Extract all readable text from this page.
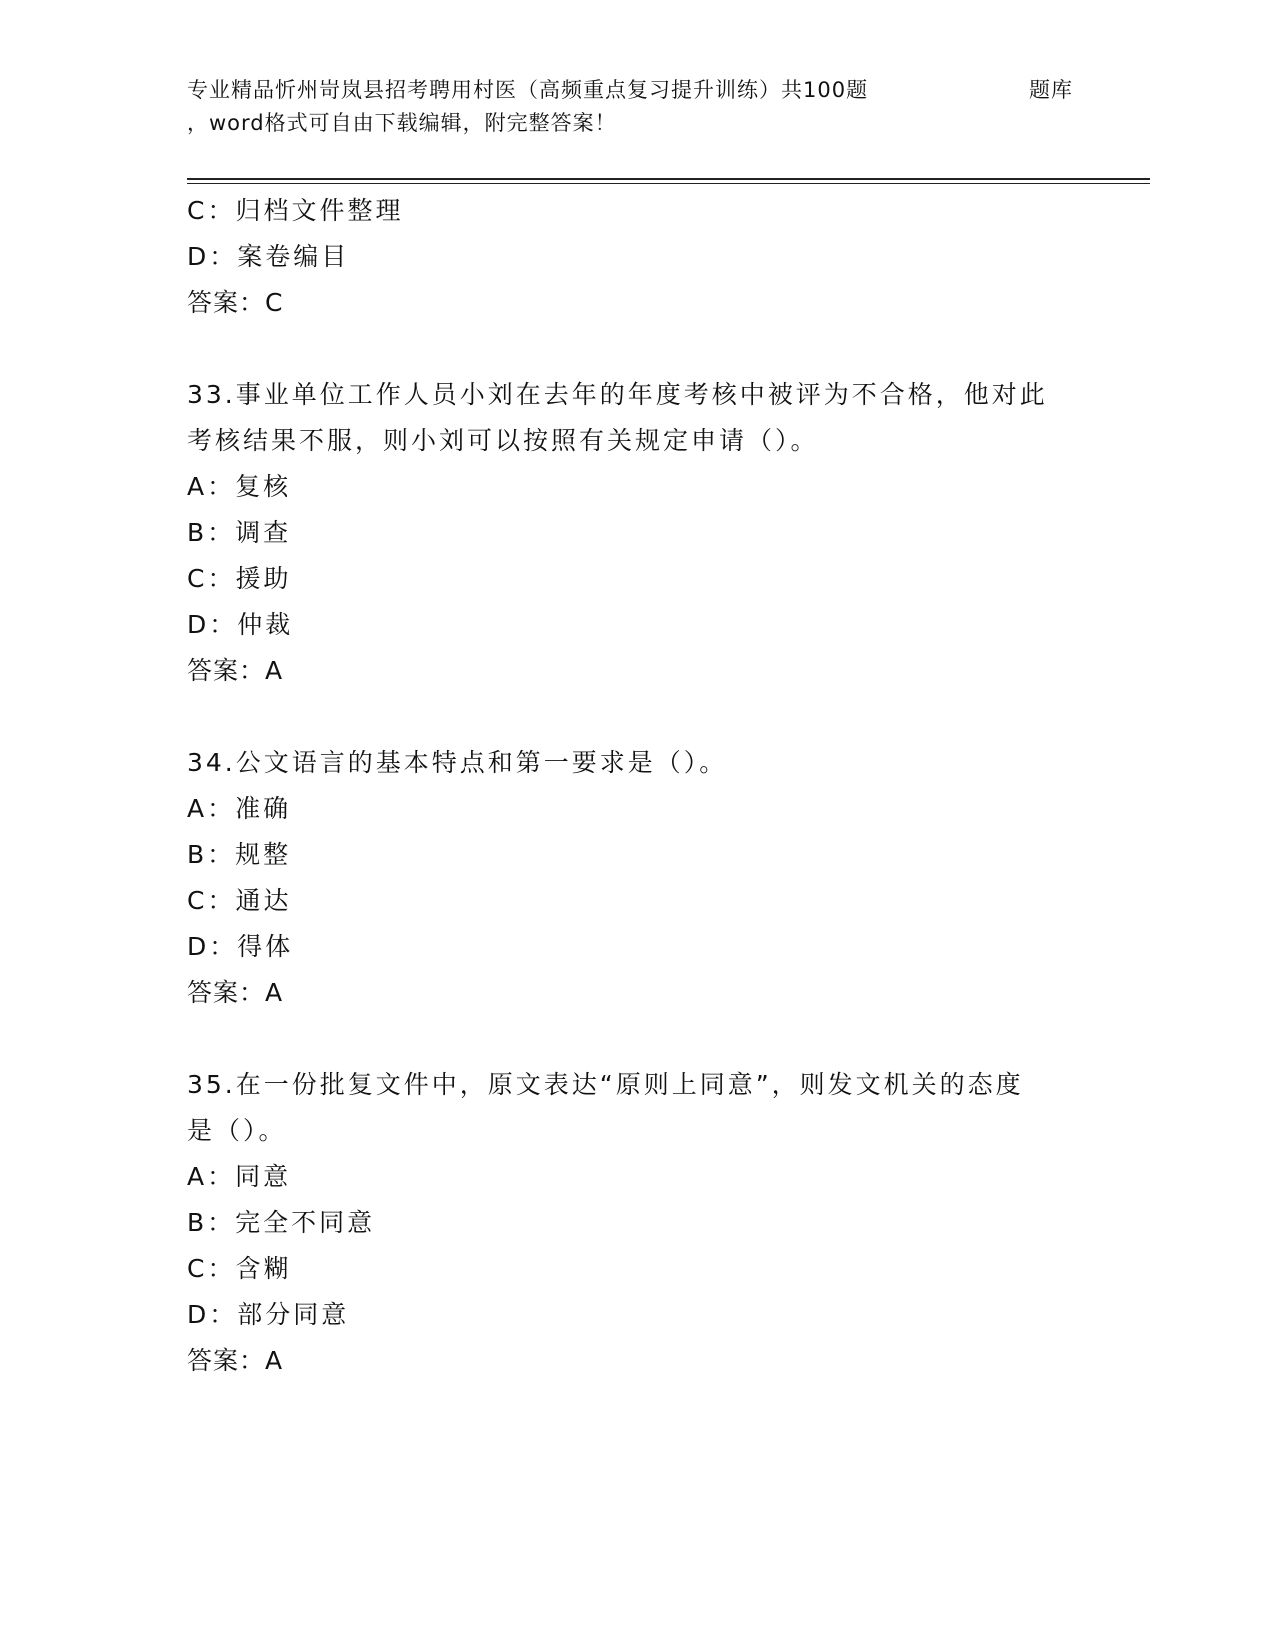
专业精品忻州岢岚县招考聘用村医（高频重点复习提升训练）共100题	题库
，word格式可自由下载编辑，附完整答案！
C：归档文件整理
D：案卷编目
答案：C
33.事业单位工作人员小刘在去年的年度考核中被评为不合格，他对此
考核结果不服，则小刘可以按照有关规定申请（）。
A：复核
B：调查
C：援助
D：仲裁
答案：A
34.公文语言的基本特点和第一要求是（）。
A：准确
B：规整
C：通达
D：得体
答案：A
35.在一份批复文件中，原文表达“原则上同意”，则发文机关的态度
是（）。
A：同意
B：完全不同意
C：含糊
D：部分同意
答案：A
